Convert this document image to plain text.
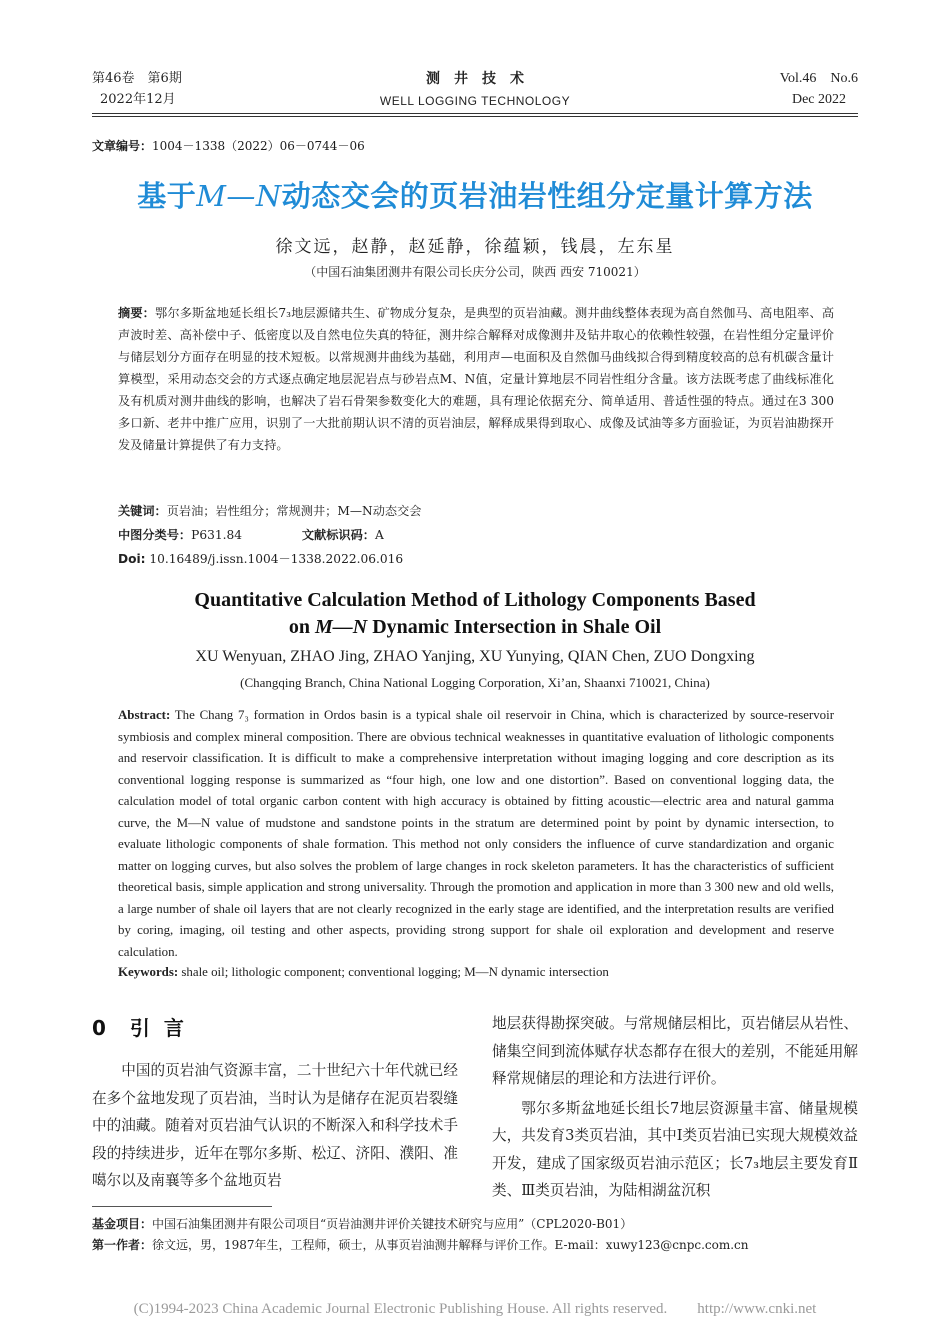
第46卷　第6期
2022年12月
测　井　技　术
WELL LOGGING TECHNOLOGY
Vol.46　No.6
Dec 2022
文章编号：1004－1338（2022）06－0744－06
基于M—N动态交会的页岩油岩性组分定量计算方法
徐文远，赵静，赵延静，徐蕴颖，钱晨，左东星
（中国石油集团测井有限公司长庆分公司，陕西 西安 710021）
摘要：鄂尔多斯盆地延长组长7₃地层源储共生、矿物成分复杂，是典型的页岩油藏。测井曲线整体表现为高自然伽马、高电阻率、高声波时差、高补偿中子、低密度以及自然电位失真的特征，测井综合解释对成像测井及钻井取心的依赖性较强，在岩性组分定量评价与储层划分方面存在明显的技术短板。以常规测井曲线为基础，利用声—电面积及自然伽马曲线拟合得到精度较高的总有机碳含量计算模型，采用动态交会的方式逐点确定地层泥岩点与砂岩点M、N值，定量计算地层不同岩性组分含量。该方法既考虑了曲线标准化及有机质对测井曲线的影响，也解决了岩石骨架参数变化大的难题，具有理论依据充分、简单适用、普适性强的特点。通过在3 300多口新、老井中推广应用，识别了一大批前期认识不清的页岩油层，解释成果得到取心、成像及试油等多方面验证，为页岩油勘探开发及储量计算提供了有力支持。
关键词：页岩油；岩性组分；常规测井；M—N动态交会
中图分类号：P631.84	文献标识码：A
Doi: 10.16489/j.issn.1004－1338.2022.06.016
Quantitative Calculation Method of Lithology Components Based
on M—N Dynamic Intersection in Shale Oil
XU Wenyuan, ZHAO Jing, ZHAO Yanjing, XU Yunying, QIAN Chen, ZUO Dongxing
(Changqing Branch, China National Logging Corporation, Xi’an, Shaanxi 710021, China)
Abstract: The Chang 7₃ formation in Ordos basin is a typical shale oil reservoir in China, which is characterized by source-reservoir symbiosis and complex mineral composition. There are obvious technical weaknesses in quantitative evaluation of lithologic components and reservoir classification. It is difficult to make a comprehensive interpretation without imaging logging and core description as its conventional logging response is summarized as “four high, one low and one distortion”. Based on conventional logging data, the calculation model of total organic carbon content with high accuracy is obtained by fitting acoustic—electric area and natural gamma curve, the M—N value of mudstone and sandstone points in the stratum are determined point by point by dynamic intersection, to evaluate lithologic components of shale formation. This method not only considers the influence of curve standardization and organic matter on logging curves, but also solves the problem of large changes in rock skeleton parameters. It has the characteristics of sufficient theoretical basis, simple application and strong universality. Through the promotion and application in more than 3 300 new and old wells, a large number of shale oil layers that are not clearly recognized in the early stage are identified, and the interpretation results are verified by coring, imaging, oil testing and other aspects, providing strong support for shale oil exploration and development and reserve calculation.
Keywords: shale oil; lithologic component; conventional logging; M—N dynamic intersection
0 引言

中国的页岩油气资源丰富，二十世纪六十年代就已经在多个盆地发现了页岩油，当时认为是储存在泥页岩裂缝中的油藏。随着对页岩油气认识的不断深入和科学技术手段的持续进步，近年在鄂尔多斯、松辽、济阳、濮阳、准噶尔以及南襄等多个盆地页岩

地层获得勘探突破。与常规储层相比，页岩储层从岩性、储集空间到流体赋存状态都存在很大的差别，不能延用解释常规储层的理论和方法进行评价。

鄂尔多斯盆地延长组长7地层资源量丰富、储量规模大，共发育3类页岩油，其中Ⅰ类页岩油已实现大规模效益开发，建成了国家级页岩油示范区；长7₃地层主要发育Ⅱ类、Ⅲ类页岩油，为陆相湖盆沉积

基金项目：中国石油集团测井有限公司项目“页岩油测井评价关键技术研究与应用”（CPL2020-B01）
第一作者：徐文远，男，1987年生，工程师，硕士，从事页岩油测井解释与评价工作。E-mail：xuwy123@cnpc.com.cn
(C)1994-2023 China Academic Journal Electronic Publishing House. All rights reserved.　　http://www.cnki.net
